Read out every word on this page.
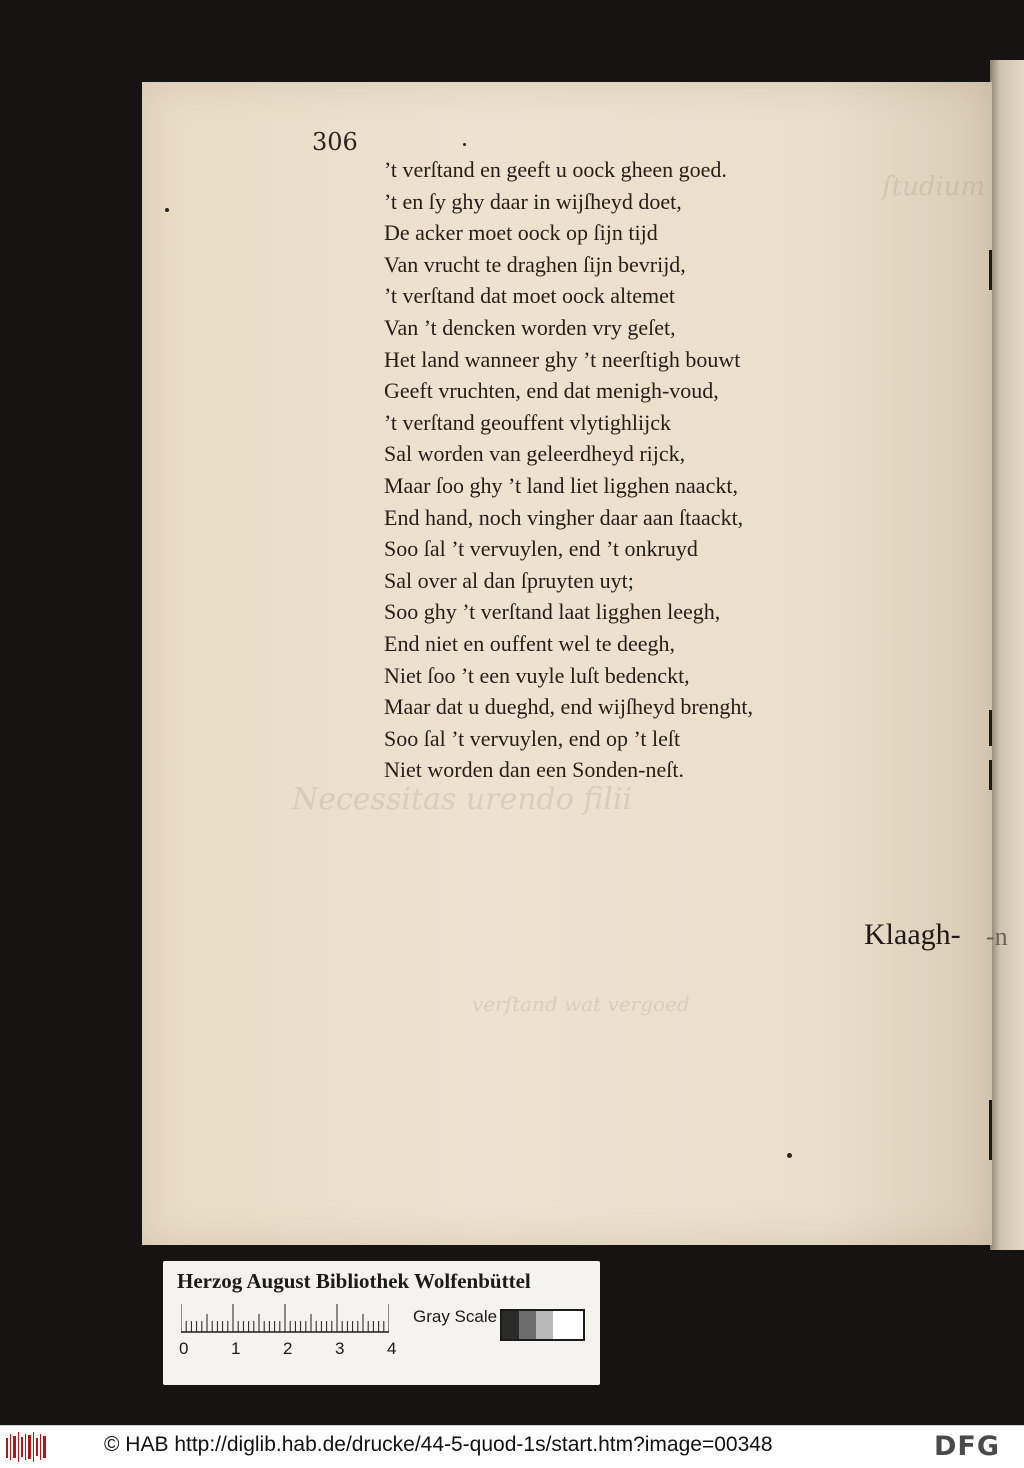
ſtudium
Necessitas urendo filii
verſtand wat vergoed
306
’t verſtand en geeft u oock gheen goed.
’t en ſy ghy daar in wijſheyd doet,
De acker moet oock op ſijn tijd
Van vrucht te draghen ſijn bevrijd,
’t verſtand dat moet oock altemet
Van ’t dencken worden vry geſet,
Het land wanneer ghy ’t neerſtigh bouwt
Geeft vruchten, end dat menigh-voud,
’t verſtand geouffent vlytighlijck
Sal worden van geleerdheyd rijck,
Maar ſoo ghy ’t land liet ligghen naackt,
End hand, noch vingher daar aan ſtaackt,
Soo ſal ’t vervuylen, end ’t onkruyd
Sal over al dan ſpruyten uyt;
Soo ghy ’t verſtand laat ligghen leegh,
End niet en ouffent wel te deegh,
Niet ſoo ’t een vuyle luſt bedenckt,
Maar dat u dueghd, end wijſheyd brenght,
Soo ſal ’t vervuylen, end op ’t leſt
Niet worden dan een Sonden-neſt.
Klaagh- -n
Herzog August Bibliothek Wolfenbüttel
0	1	2	3	4
Gray Scale
© HAB http://diglib.hab.de/drucke/44-5-quod-1s/start.htm?image=00348	DFG
